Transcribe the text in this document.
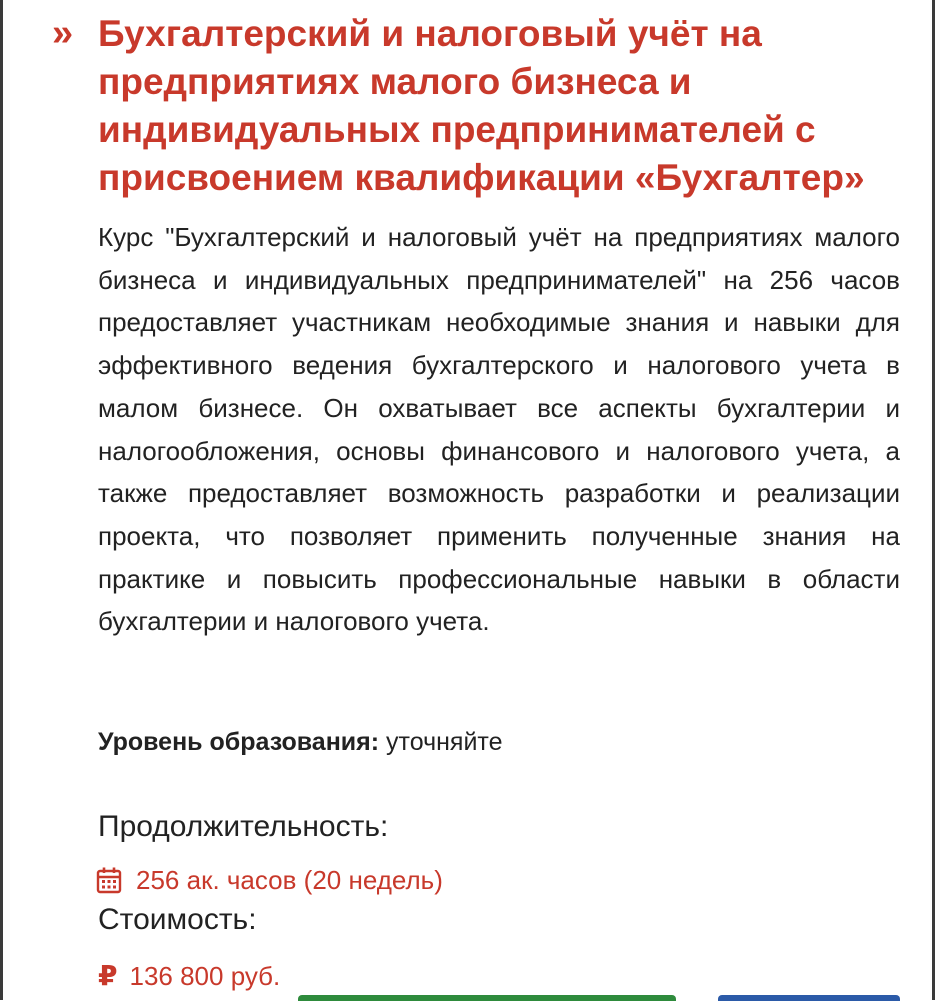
» Бухгалтерский и налоговый учёт на предприятиях малого бизнеса и индивидуальных предпринимателей с присвоением квалификации «Бухгалтер»

Курс "Бухгалтерский и налоговый учёт на предприятиях малого бизнеса и индивидуальных предпринимателей" на 256 часов предоставляет участникам необходимые знания и навыки для эффективного ведения бухгалтерского и налогового учета в малом бизнесе. Он охватывает все аспекты бухгалтерии и налогообложения, основы финансового и налогового учета, а также предоставляет возможность разработки и реализации проекта, что позволяет применить полученные знания на практике и повысить профессиональные навыки в области бухгалтерии и налогового учета.

Уровень образования: уточняйте
Продолжительность:
256 ак. часов (20 недель)
Стоимость:
₽ 136 800 руб.
